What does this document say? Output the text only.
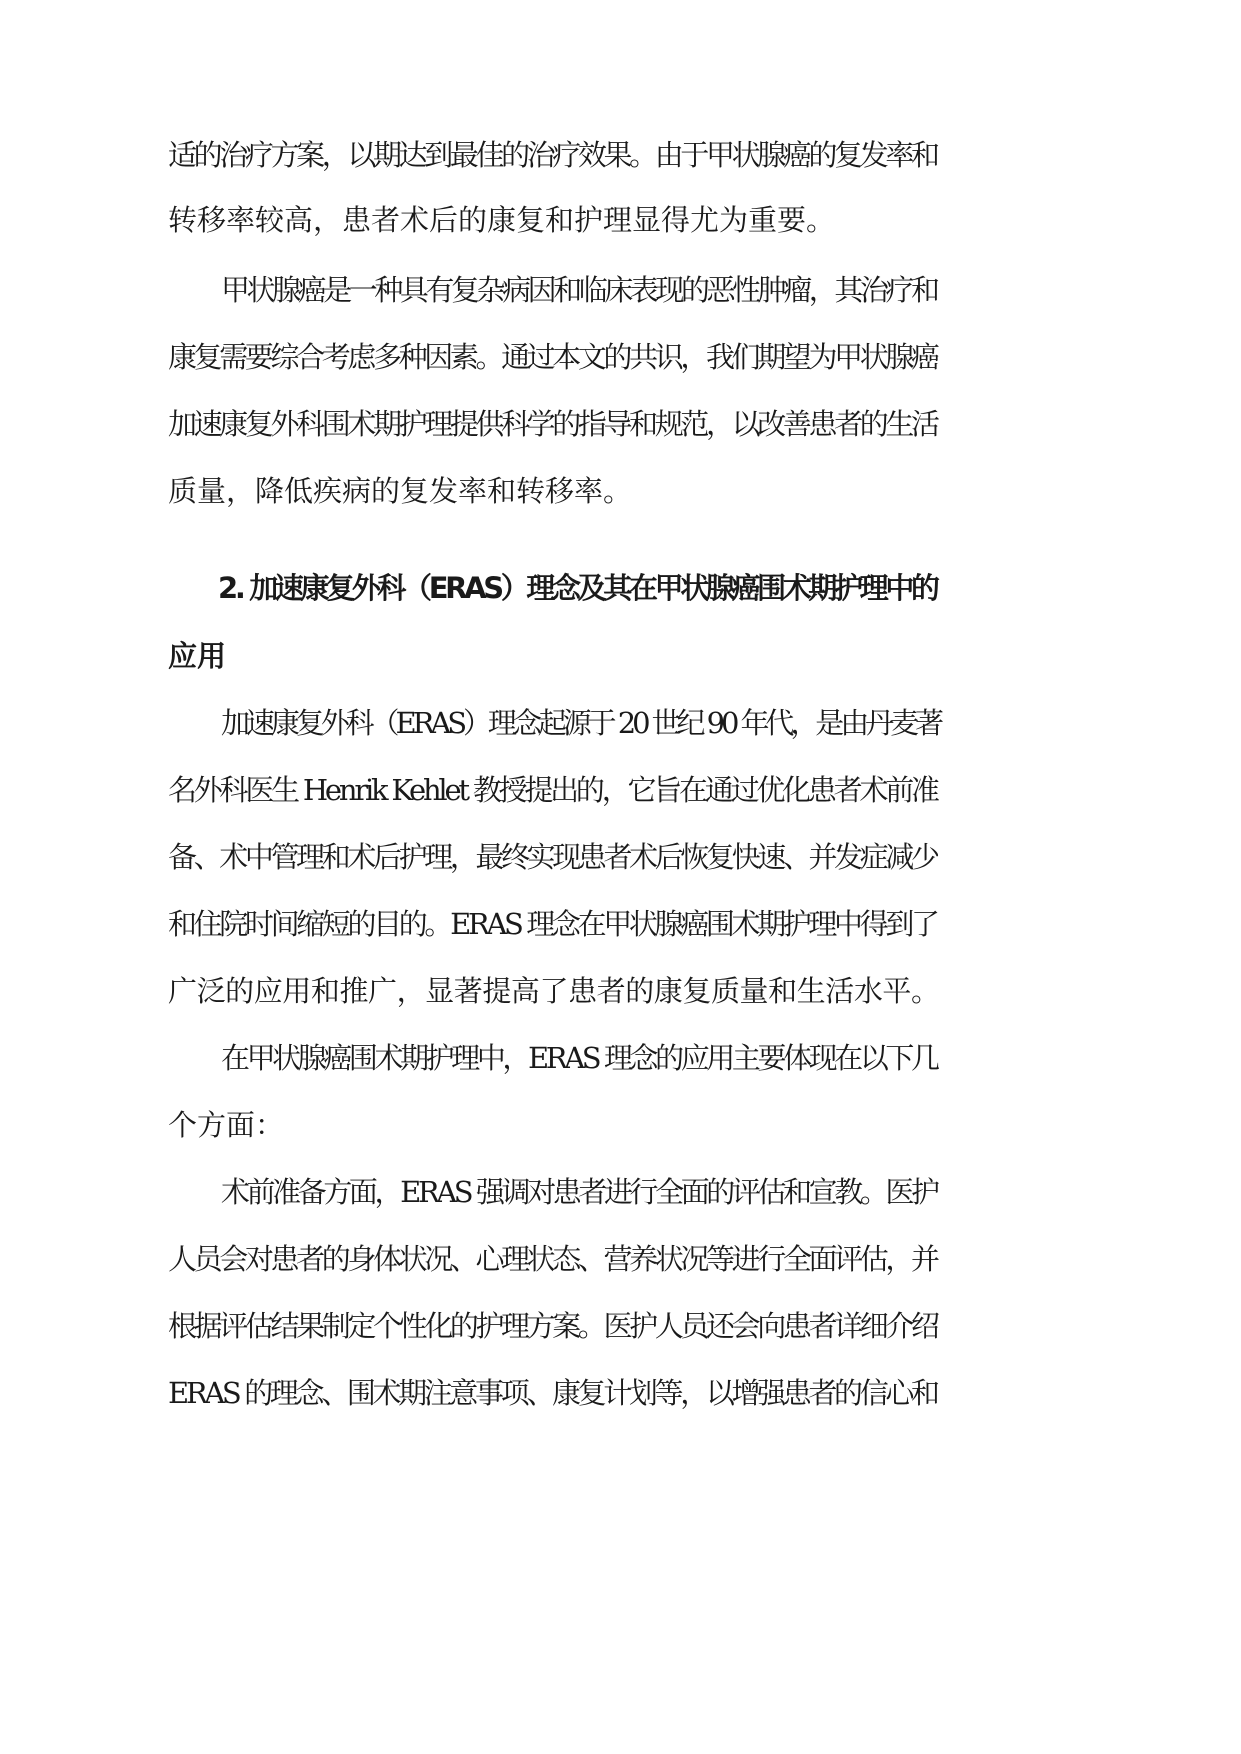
适的治疗方案，以期达到最佳的治疗效果。由于甲状腺癌的复发率和
转移率较高，患者术后的康复和护理显得尤为重要。
甲状腺癌是一种具有复杂病因和临床表现的恶性肿瘤，其治疗和
康复需要综合考虑多种因素。通过本文的共识，我们期望为甲状腺癌
加速康复外科围术期护理提供科学的指导和规范，以改善患者的生活
质量，降低疾病的复发率和转移率。
2. 加速康复外科（ERAS）理念及其在甲状腺癌围术期护理中的
应用
加速康复外科（ERAS）理念起源于 20 世纪 90 年代，是由丹麦著
名外科医生 Henrik Kehlet 教授提出的，它旨在通过优化患者术前准
备、术中管理和术后护理，最终实现患者术后恢复快速、并发症减少
和住院时间缩短的目的。ERAS 理念在甲状腺癌围术期护理中得到了
广泛的应用和推广，显著提高了患者的康复质量和生活水平。
在甲状腺癌围术期护理中，ERAS 理念的应用主要体现在以下几
个方面：
术前准备方面，ERAS 强调对患者进行全面的评估和宣教。医护
人员会对患者的身体状况、心理状态、营养状况等进行全面评估，并
根据评估结果制定个性化的护理方案。医护人员还会向患者详细介绍
ERAS 的理念、围术期注意事项、康复计划等，以增强患者的信心和
